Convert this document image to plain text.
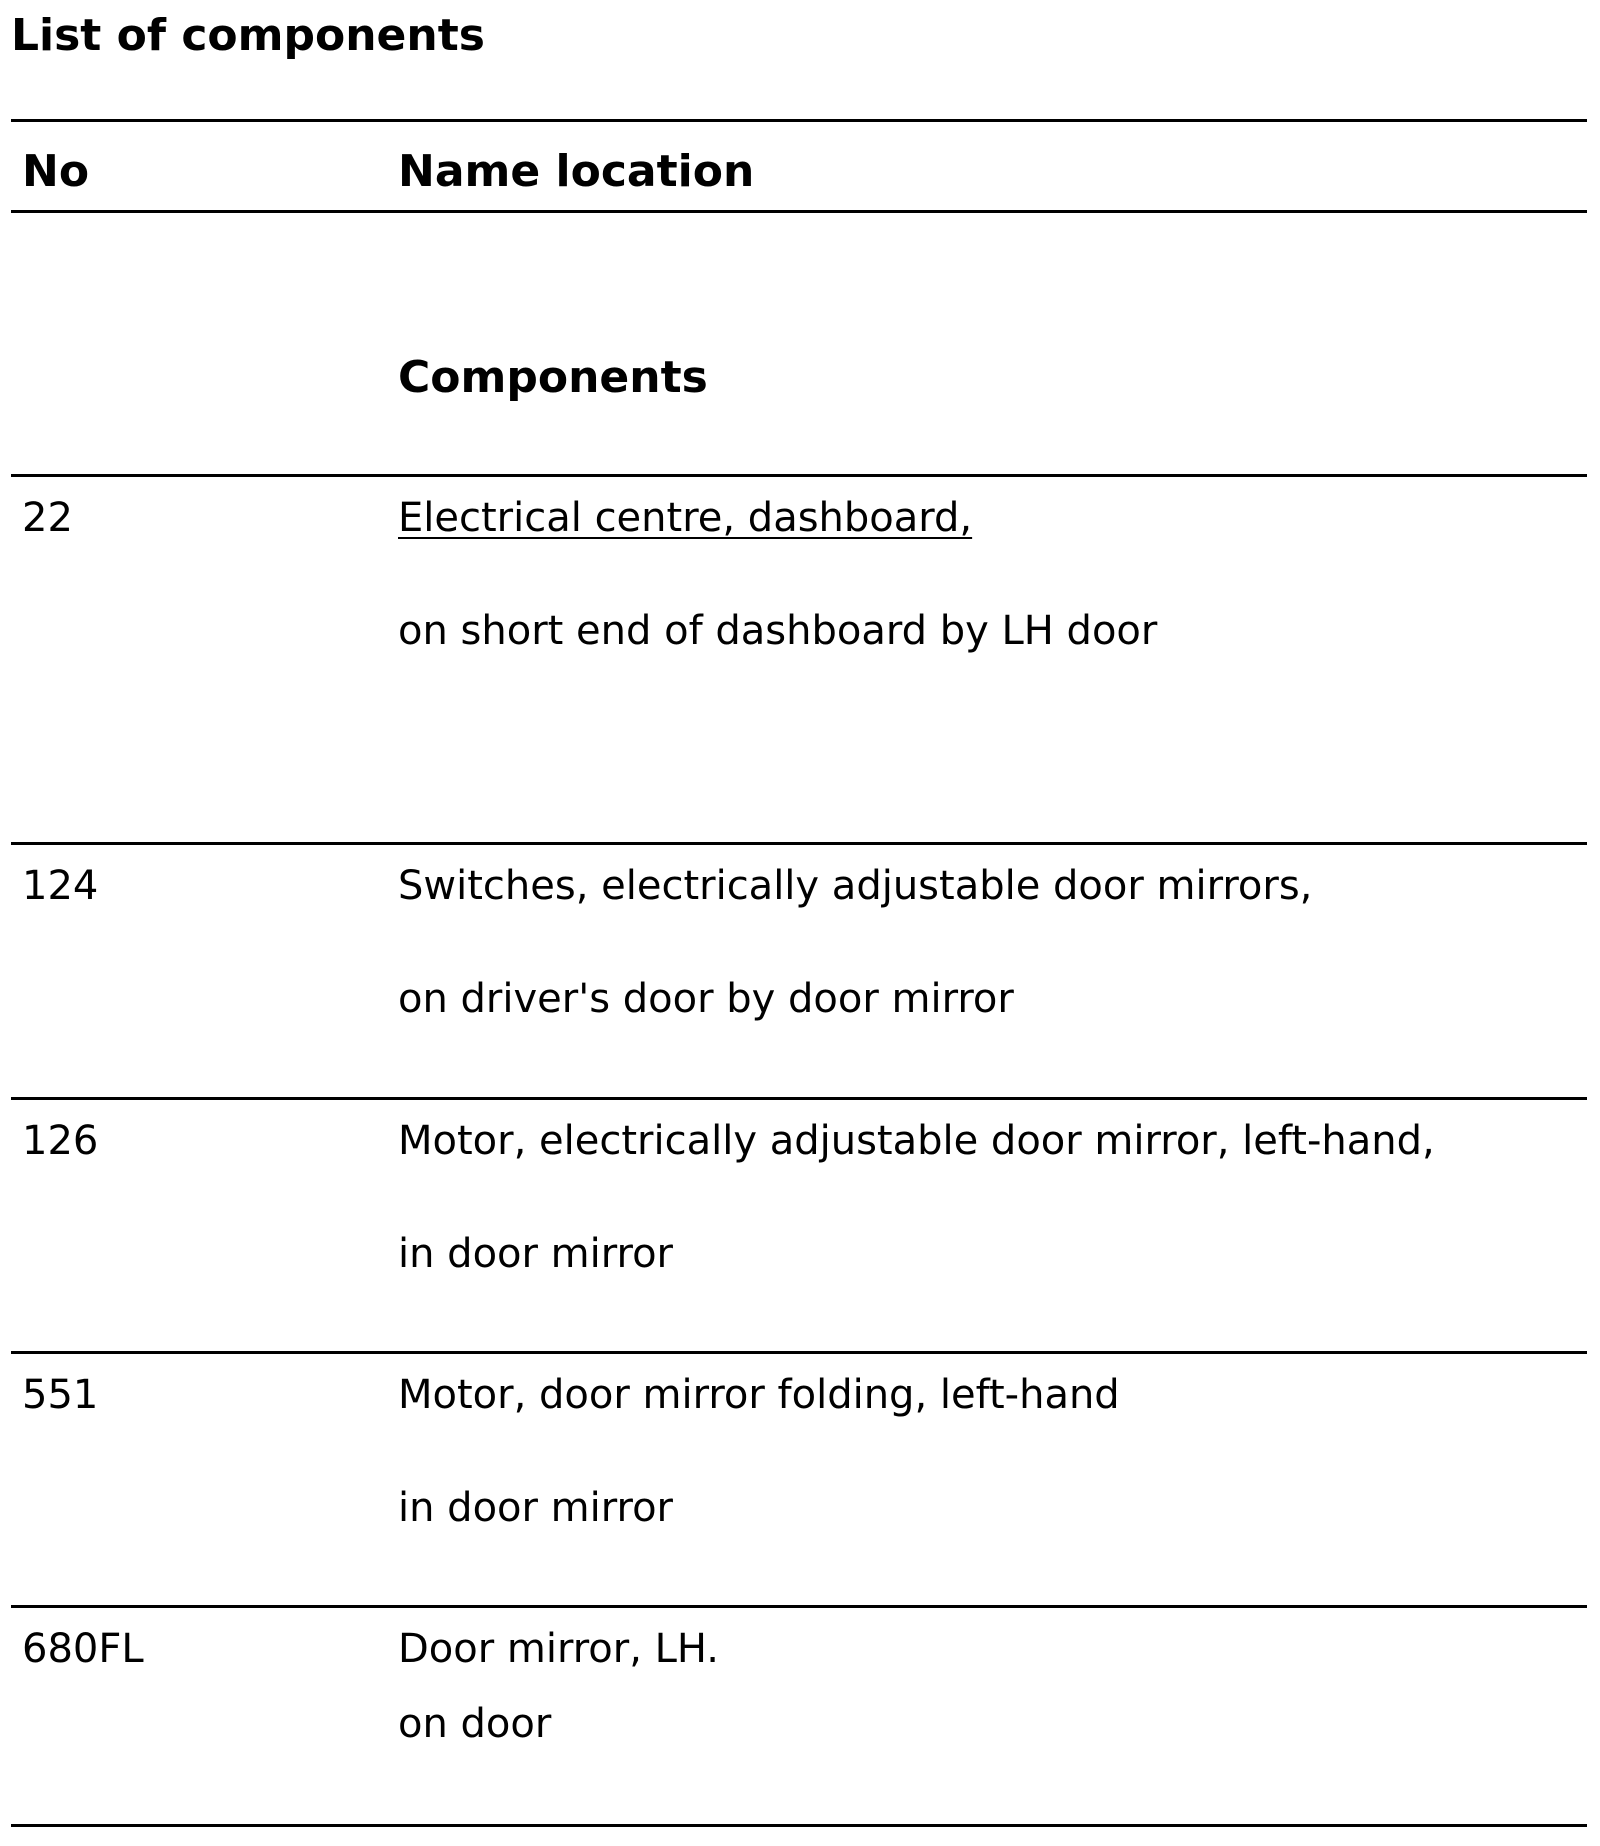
List of components
No	Name location
Components
22	Electrical centre, dashboard,
on short end of dashboard by LH door
124	Switches, electrically adjustable door mirrors,
on driver's door by door mirror
126	Motor, electrically adjustable door mirror, left-hand,
in door mirror
551	Motor, door mirror folding, left-hand
in door mirror
680FL	Door mirror, LH.
on door
